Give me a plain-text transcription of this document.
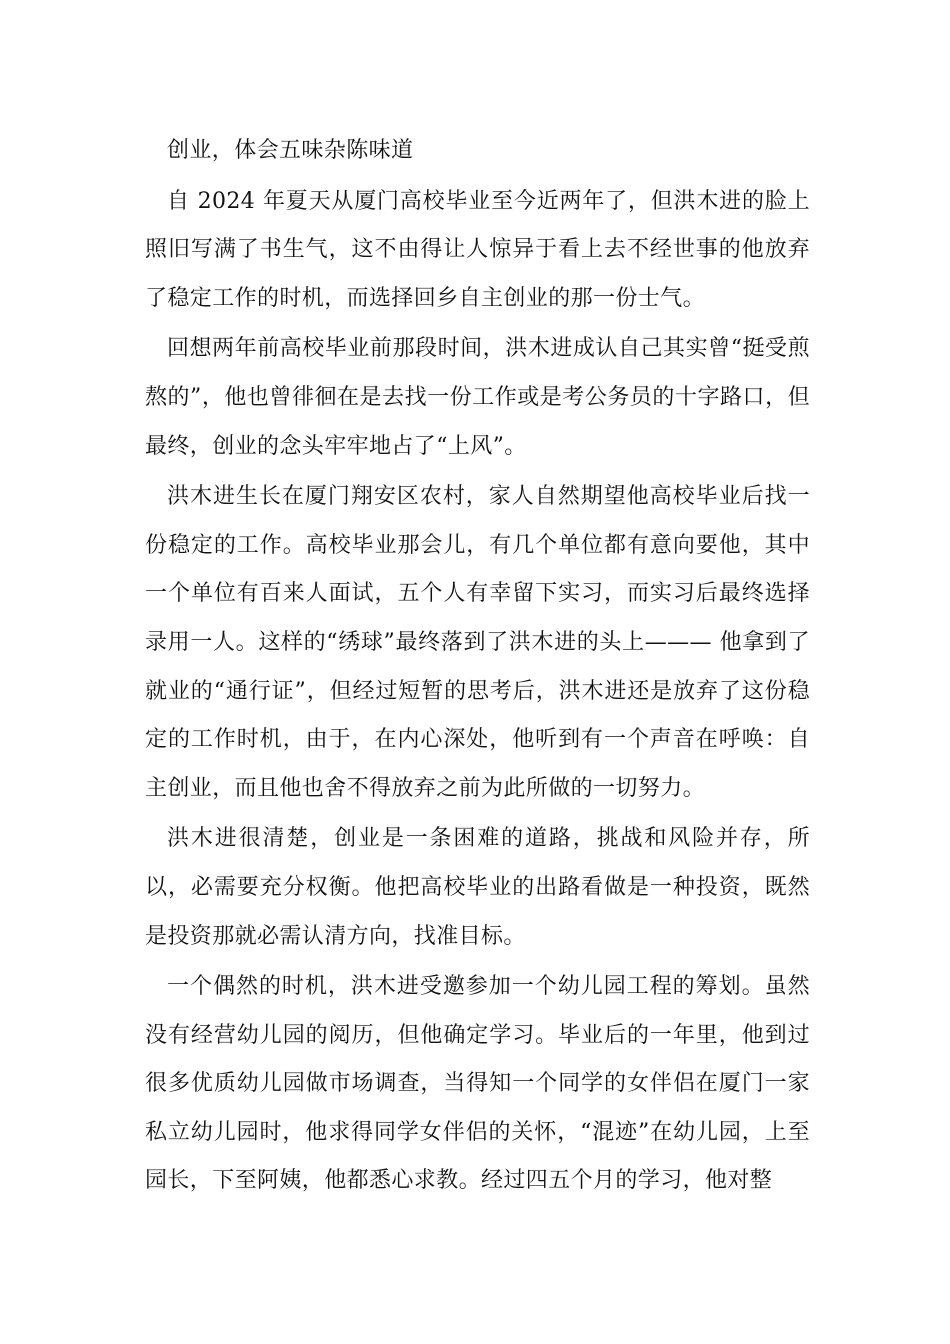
创业，体会五味杂陈味道

自 2024 年夏天从厦门高校毕业至今近两年了，但洪木进的脸上照旧写满了书生气，这不由得让人惊异于看上去不经世事的他放弃了稳定工作的时机，而选择回乡自主创业的那一份士气。

回想两年前高校毕业前那段时间，洪木进成认自己其实曾“挺受煎熬的”，他也曾徘徊在是去找一份工作或是考公务员的十字路口，但最终，创业的念头牢牢地占了“上风”。

洪木进生长在厦门翔安区农村，家人自然期望他高校毕业后找一份稳定的工作。高校毕业那会儿，有几个单位都有意向要他，其中一个单位有百来人面试，五个人有幸留下实习，而实习后最终选择录用一人。这样的“绣球”最终落到了洪木进的头上——— 他拿到了就业的“通行证”，但经过短暂的思考后，洪木进还是放弃了这份稳定的工作时机，由于，在内心深处，他听到有一个声音在呼唤：自主创业，而且他也舍不得放弃之前为此所做的一切努力。

洪木进很清楚，创业是一条困难的道路，挑战和风险并存，所以，必需要充分权衡。他把高校毕业的出路看做是一种投资，既然是投资那就必需认清方向，找准目标。

一个偶然的时机，洪木进受邀参加一个幼儿园工程的筹划。虽然没有经营幼儿园的阅历，但他确定学习。毕业后的一年里，他到过很多优质幼儿园做市场调查，当得知一个同学的女伴侣在厦门一家私立幼儿园时，他求得同学女伴侣的关怀，“混迹”在幼儿园，上至园长，下至阿姨，他都悉心求教。经过四五个月的学习，他对整
